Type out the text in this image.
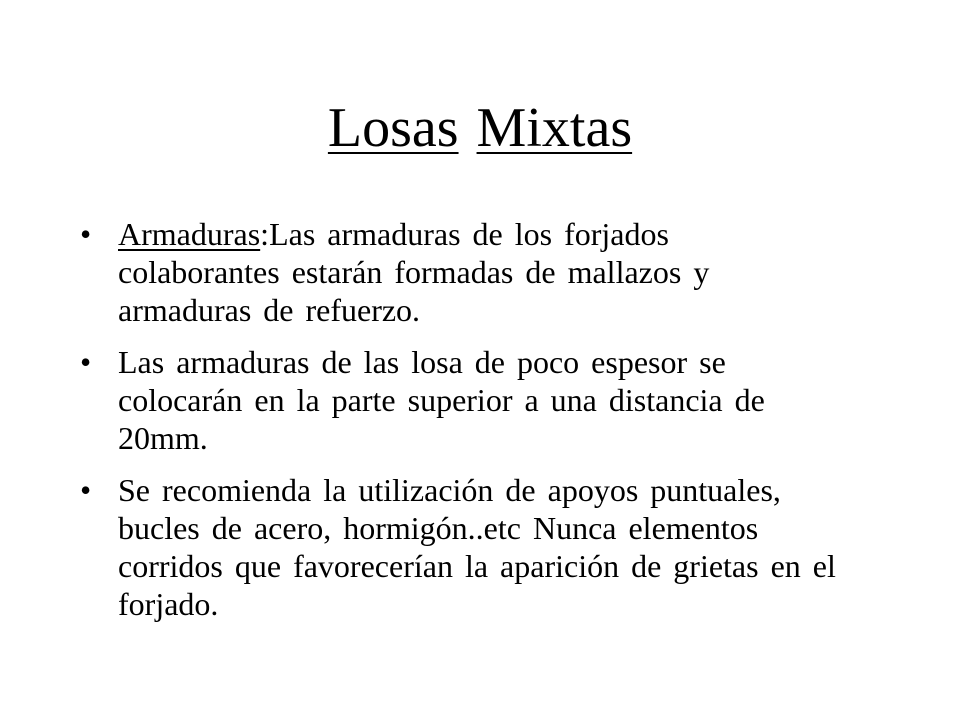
Losas Mixtas
• Armaduras:Las armaduras de los forjados colaborantes estarán formadas de mallazos y armaduras de refuerzo.
• Las armaduras de las losa de poco espesor se colocarán en la parte superior a una distancia de 20mm.
• Se recomienda la utilización de apoyos puntuales, bucles de acero, hormigón..etc Nunca elementos corridos que favorecerían la aparición de grietas en el forjado.
